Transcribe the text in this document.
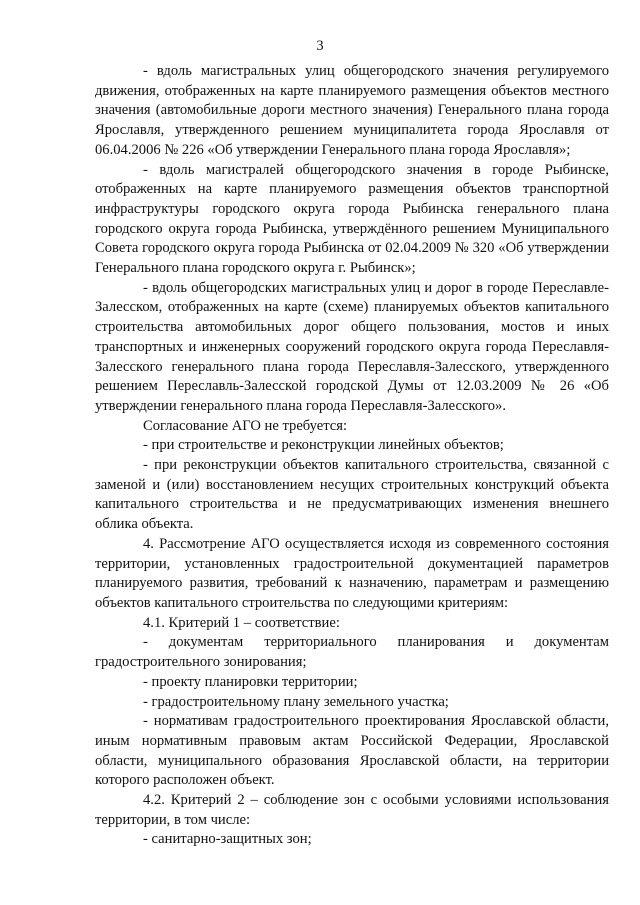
3

- вдоль магистральных улиц общегородского значения регулируемого движения, отображенных на карте планируемого размещения объектов местного значения (автомобильные дороги местного значения) Генерального плана города Ярославля, утвержденного решением муниципалитета города Ярославля от 06.04.2006 № 226 «Об утверждении Генерального плана города Ярославля»;

- вдоль магистралей общегородского значения в городе Рыбинске, отображенных на карте планируемого размещения объектов транспортной инфраструктуры городского округа города Рыбинска генерального плана городского округа города Рыбинска, утверждённого решением Муниципального Совета городского округа города Рыбинска от 02.04.2009 № 320 «Об утверждении Генерального плана городского округа г. Рыбинск»;

- вдоль общегородских магистральных улиц и дорог в городе Переславле-Залесском, отображенных на карте (схеме) планируемых объектов капитального строительства автомобильных дорог общего пользования, мостов и иных транспортных и инженерных сооружений городского округа города Переславля-Залесского генерального плана города Переславля-Залесского, утвержденного решением Переславль-Залесской городской Думы от 12.03.2009 № 26 «Об утверждении генерального плана города Переславля-Залесского».

Согласование АГО не требуется:

- при строительстве и реконструкции линейных объектов;

- при реконструкции объектов капитального строительства, связанной с заменой и (или) восстановлением несущих строительных конструкций объекта капитального строительства и не предусматривающих изменения внешнего облика объекта.

4. Рассмотрение АГО осуществляется исходя из современного состояния территории, установленных градостроительной документацией параметров планируемого развития, требований к назначению, параметрам и размещению объектов капитального строительства по следующими критериям:

4.1. Критерий 1 – соответствие:

- документам территориального планирования и документам градостроительного зонирования;

- проекту планировки территории;

- градостроительному плану земельного участка;

- нормативам градостроительного проектирования Ярославской области, иным нормативным правовым актам Российской Федерации, Ярославской области, муниципального образования Ярославской области, на территории которого расположен объект.

4.2. Критерий 2 – соблюдение зон с особыми условиями использования территории, в том числе:

- санитарно-защитных зон;
